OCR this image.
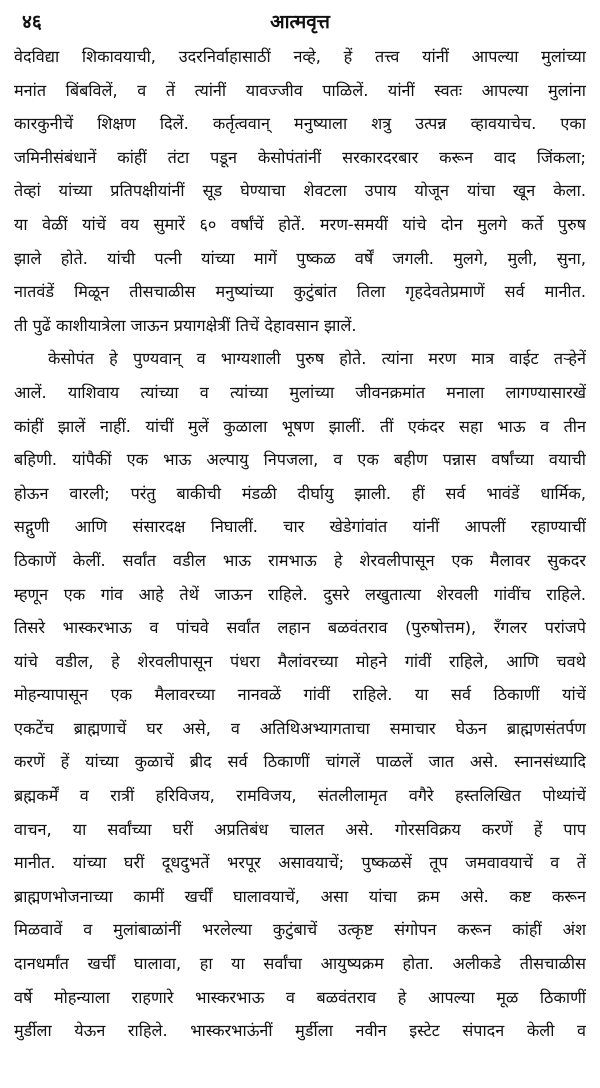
४६	आत्मवृत्त
वेदविद्या शिकावयाची, उदरनिर्वाहासाठीं नव्हे, हें तत्त्व यांनीं आपल्या मुलांच्या
मनांत बिंबविलें, व तें त्यांनीं यावज्जीव पाळिलें. यांनीं स्वतः आपल्या मुलांना
कारकुनीचें शिक्षण दिलें. कर्तृत्ववान् मनुष्याला शत्रु उत्पन्न व्हावयाचेच. एका
जमिनीसंबंधानें कांहीं तंटा पडून केसोपंतांनीं सरकारदरबार करून वाद जिंकला;
तेव्हां यांच्या प्रतिपक्षीयांनीं सूड घेण्याचा शेवटला उपाय योजून यांचा खून केला.
या वेळीं यांचें वय सुमारें ६० वर्षांचें होतें. मरण-समयीं यांचे दोन मुलगे कर्ते पुरुष
झाले होते. यांची पत्नी यांच्या मागें पुष्कळ वर्षें जगली. मुलगे, मुली, सुना,
नातवंडें मिळून तीसचाळीस मनुष्यांच्या कुटुंबांत तिला गृहदेवतेप्रमाणें सर्व मानीत.
ती पुढें काशीयात्रेला जाऊन प्रयागक्षेत्रीं तिचें देहावसान झालें.
केसोपंत हे पुण्यवान् व भाग्यशाली पुरुष होते. त्यांना मरण मात्र वाईट तऱ्हेनें
आलें. याशिवाय त्यांच्या व त्यांच्या मुलांच्या जीवनक्रमांत मनाला लागण्यासारखें
कांहीं झालें नाहीं. यांचीं मुलें कुळाला भूषण झालीं. तीं एकंदर सहा भाऊ व तीन
बहिणी. यांपैकीं एक भाऊ अल्पायु निपजला, व एक बहीण पन्नास वर्षांच्या वयाची
होऊन वारली; परंतु बाकीची मंडळी दीर्घायु झाली. हीं सर्व भावंडें धार्मिक,
सद्गुणी आणि संसारदक्ष निघालीं. चार खेडेगांवांत यांनीं आपलीं रहाण्याचीं
ठिकाणें केलीं. सर्वांत वडील भाऊ रामभाऊ हे शेरवलीपासून एक मैलावर सुकदर
म्हणून एक गांव आहे तेथें जाऊन राहिले. दुसरे लखुतात्या शेरवली गांवींच राहिले.
तिसरे भास्करभाऊ व पांचवे सर्वांत लहान बळवंतराव (पुरुषोत्तम), रँगलर परांजपे
यांचे वडील, हे शेरवलीपासून पंधरा मैलांवरच्या मोहने गांवीं राहिले, आणि चवथे
मोहन्यापासून एक मैलावरच्या नानवळें गांवीं राहिले. या सर्व ठिकाणीं यांचें
एकटेंच ब्राह्मणाचें घर असे, व अतिथिअभ्यागताचा समाचार घेऊन ब्राह्मणसंतर्पण
करणें हें यांच्या कुळाचें ब्रीद सर्व ठिकाणीं चांगलें पाळलें जात असे. स्नानसंध्यादि
ब्रह्मकर्में व रात्रीं हरिविजय, रामविजय, संतलीलामृत वगैरे हस्तलिखित पोथ्यांचें
वाचन, या सर्वांच्या घरीं अप्रतिबंध चालत असे. गोरसविक्रय करणें हें पाप
मानीत. यांच्या घरीं दूधदुभतें भरपूर असावयाचें; पुष्कळसें तूप जमवावयाचें व तें
ब्राह्मणभोजनाच्या कामीं खर्चीं घालावयाचें, असा यांचा क्रम असे. कष्ट करून
मिळवावें व मुलांबाळांनीं भरलेल्या कुटुंबाचें उत्कृष्ट संगोपन करून कांहीं अंश
दानधर्मांत खर्चीं घालावा, हा या सर्वांचा आयुष्यक्रम होता. अलीकडे तीसचाळीस
वर्षे मोहन्याला राहणारे भास्करभाऊ व बळवंतराव हे आपल्या मूळ ठिकाणीं
मुर्डीला येऊन राहिले. भास्करभाऊंनीं मुर्डीला नवीन इस्टेट संपादन केली व
